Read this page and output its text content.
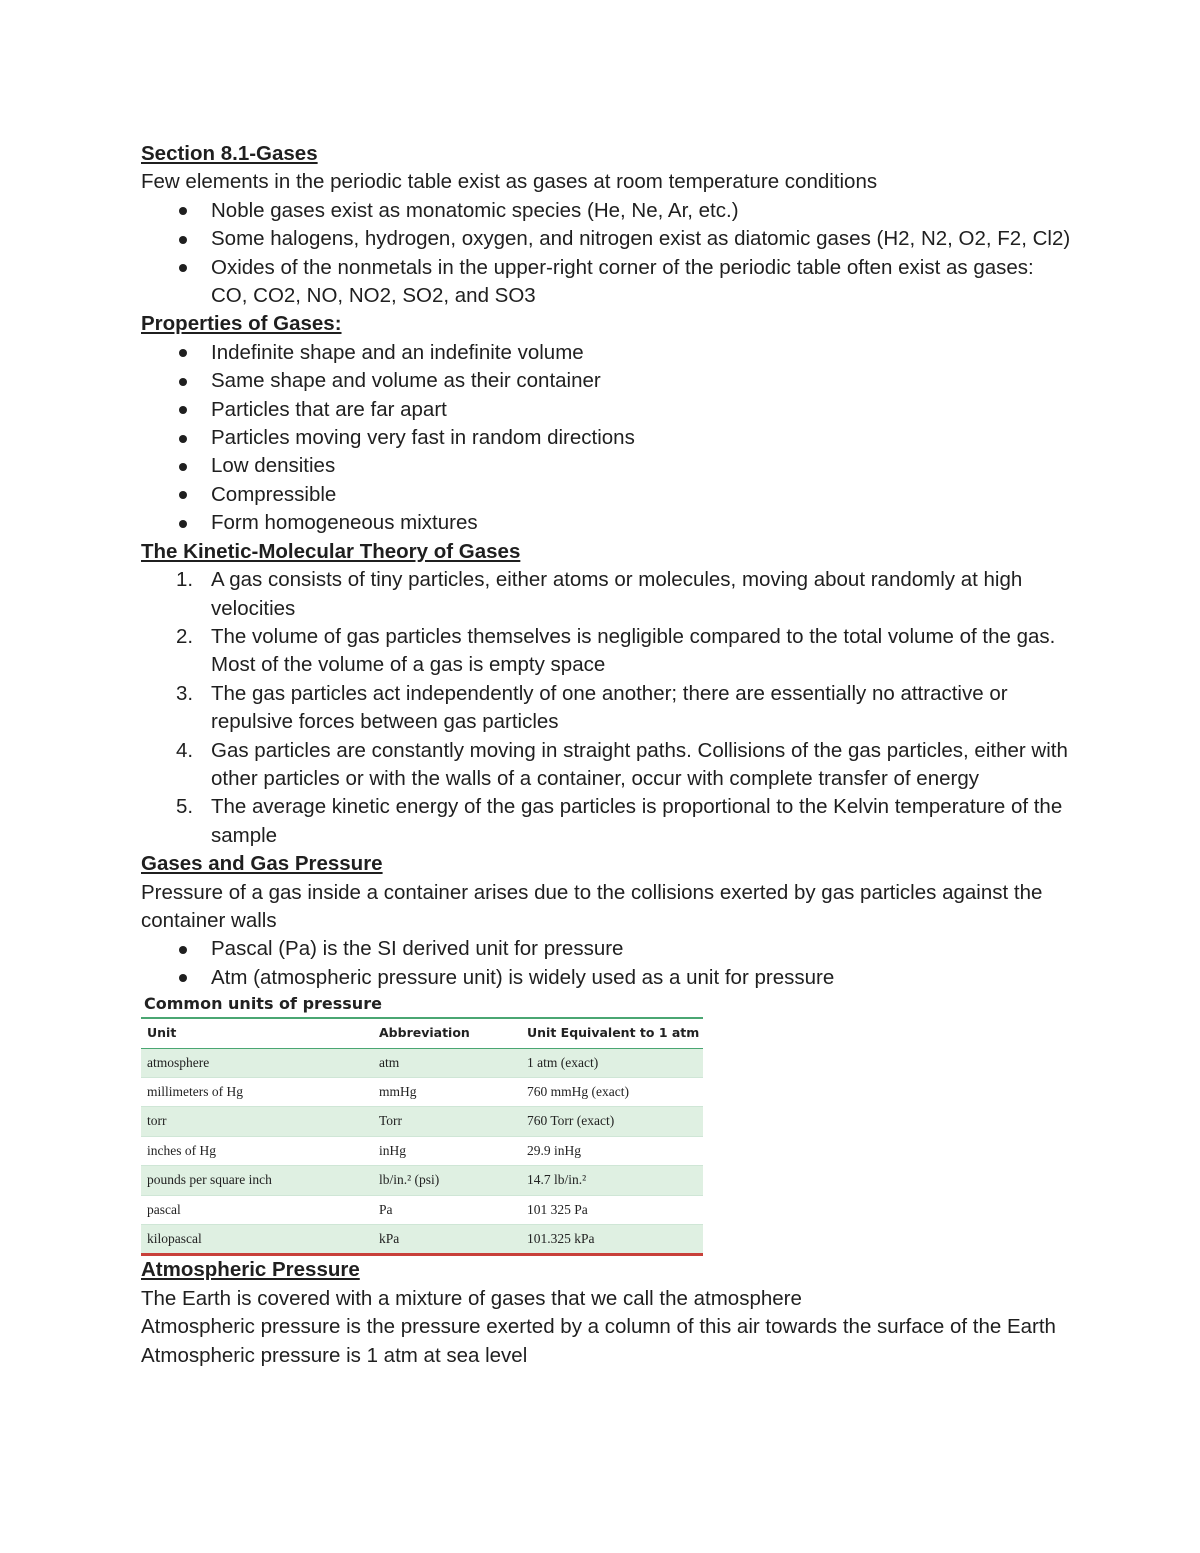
Section 8.1-Gases

Few elements in the periodic table exist as gases at room temperature conditions

Noble gases exist as monatomic species (He, Ne, Ar, etc.)
Some halogens, hydrogen, oxygen, and nitrogen exist as diatomic gases (H2, N2, O2, F2, Cl2)
Oxides of the nonmetals in the upper-right corner of the periodic table often exist as gases: CO, CO2, NO, NO2, SO2, and SO3

Properties of Gases:

Indefinite shape and an indefinite volume
Same shape and volume as their container
Particles that are far apart
Particles moving very fast in random directions
Low densities
Compressible
Form homogeneous mixtures

The Kinetic-Molecular Theory of Gases

1. A gas consists of tiny particles, either atoms or molecules, moving about randomly at high velocities
2. The volume of gas particles themselves is negligible compared to the total volume of the gas. Most of the volume of a gas is empty space
3. The gas particles act independently of one another; there are essentially no attractive or repulsive forces between gas particles
4. Gas particles are constantly moving in straight paths. Collisions of the gas particles, either with other particles or with the walls of a container, occur with complete transfer of energy
5. The average kinetic energy of the gas particles is proportional to the Kelvin temperature of the sample

Gases and Gas Pressure

Pressure of a gas inside a container arises due to the collisions exerted by gas particles against the container walls

Pascal (Pa) is the SI derived unit for pressure
Atm (atmospheric pressure unit) is widely used as a unit for pressure
Common units of pressure
Unit	Abbreviation	Unit Equivalent to 1 atm
atmosphere	atm	1 atm (exact)
millimeters of Hg	mmHg	760 mmHg (exact)
torr	Torr	760 Torr (exact)
inches of Hg	inHg	29.9 inHg
pounds per square inch	lb/in.² (psi)	14.7 lb/in.²
pascal	Pa	101 325 Pa
kilopascal	kPa	101.325 kPa

Atmospheric Pressure

The Earth is covered with a mixture of gases that we call the atmosphere

Atmospheric pressure is the pressure exerted by a column of this air towards the surface of the Earth

Atmospheric pressure is 1 atm at sea level
